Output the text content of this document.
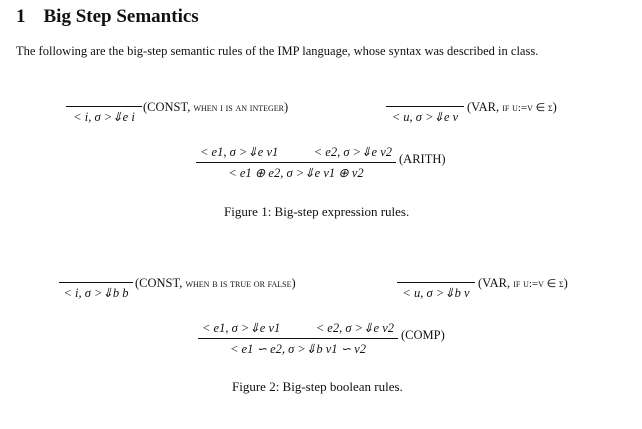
1 Big Step Semantics
The following are the big-step semantic rules of the IMP language, whose syntax was described in class.
< i, σ >⇓e i
(CONST, when i is an integer)
< u, σ >⇓e v
(VAR, if u:=v ∈ σ)
< e1, σ >⇓e v1	< e2, σ >⇓e v2
< e1 ⊕ e2, σ >⇓e v1 ⊕ v2
(ARITH)
Figure 1: Big-step expression rules.
< i, σ >⇓b b
(CONST, when b is true or false)
< u, σ >⇓b v
(VAR, if u:=v ∈ σ)
< e1, σ >⇓e v1	< e2, σ >⇓e v2
< e1 ∽ e2, σ >⇓b v1 ∽ v2
(COMP)
Figure 2: Big-step boolean rules.
